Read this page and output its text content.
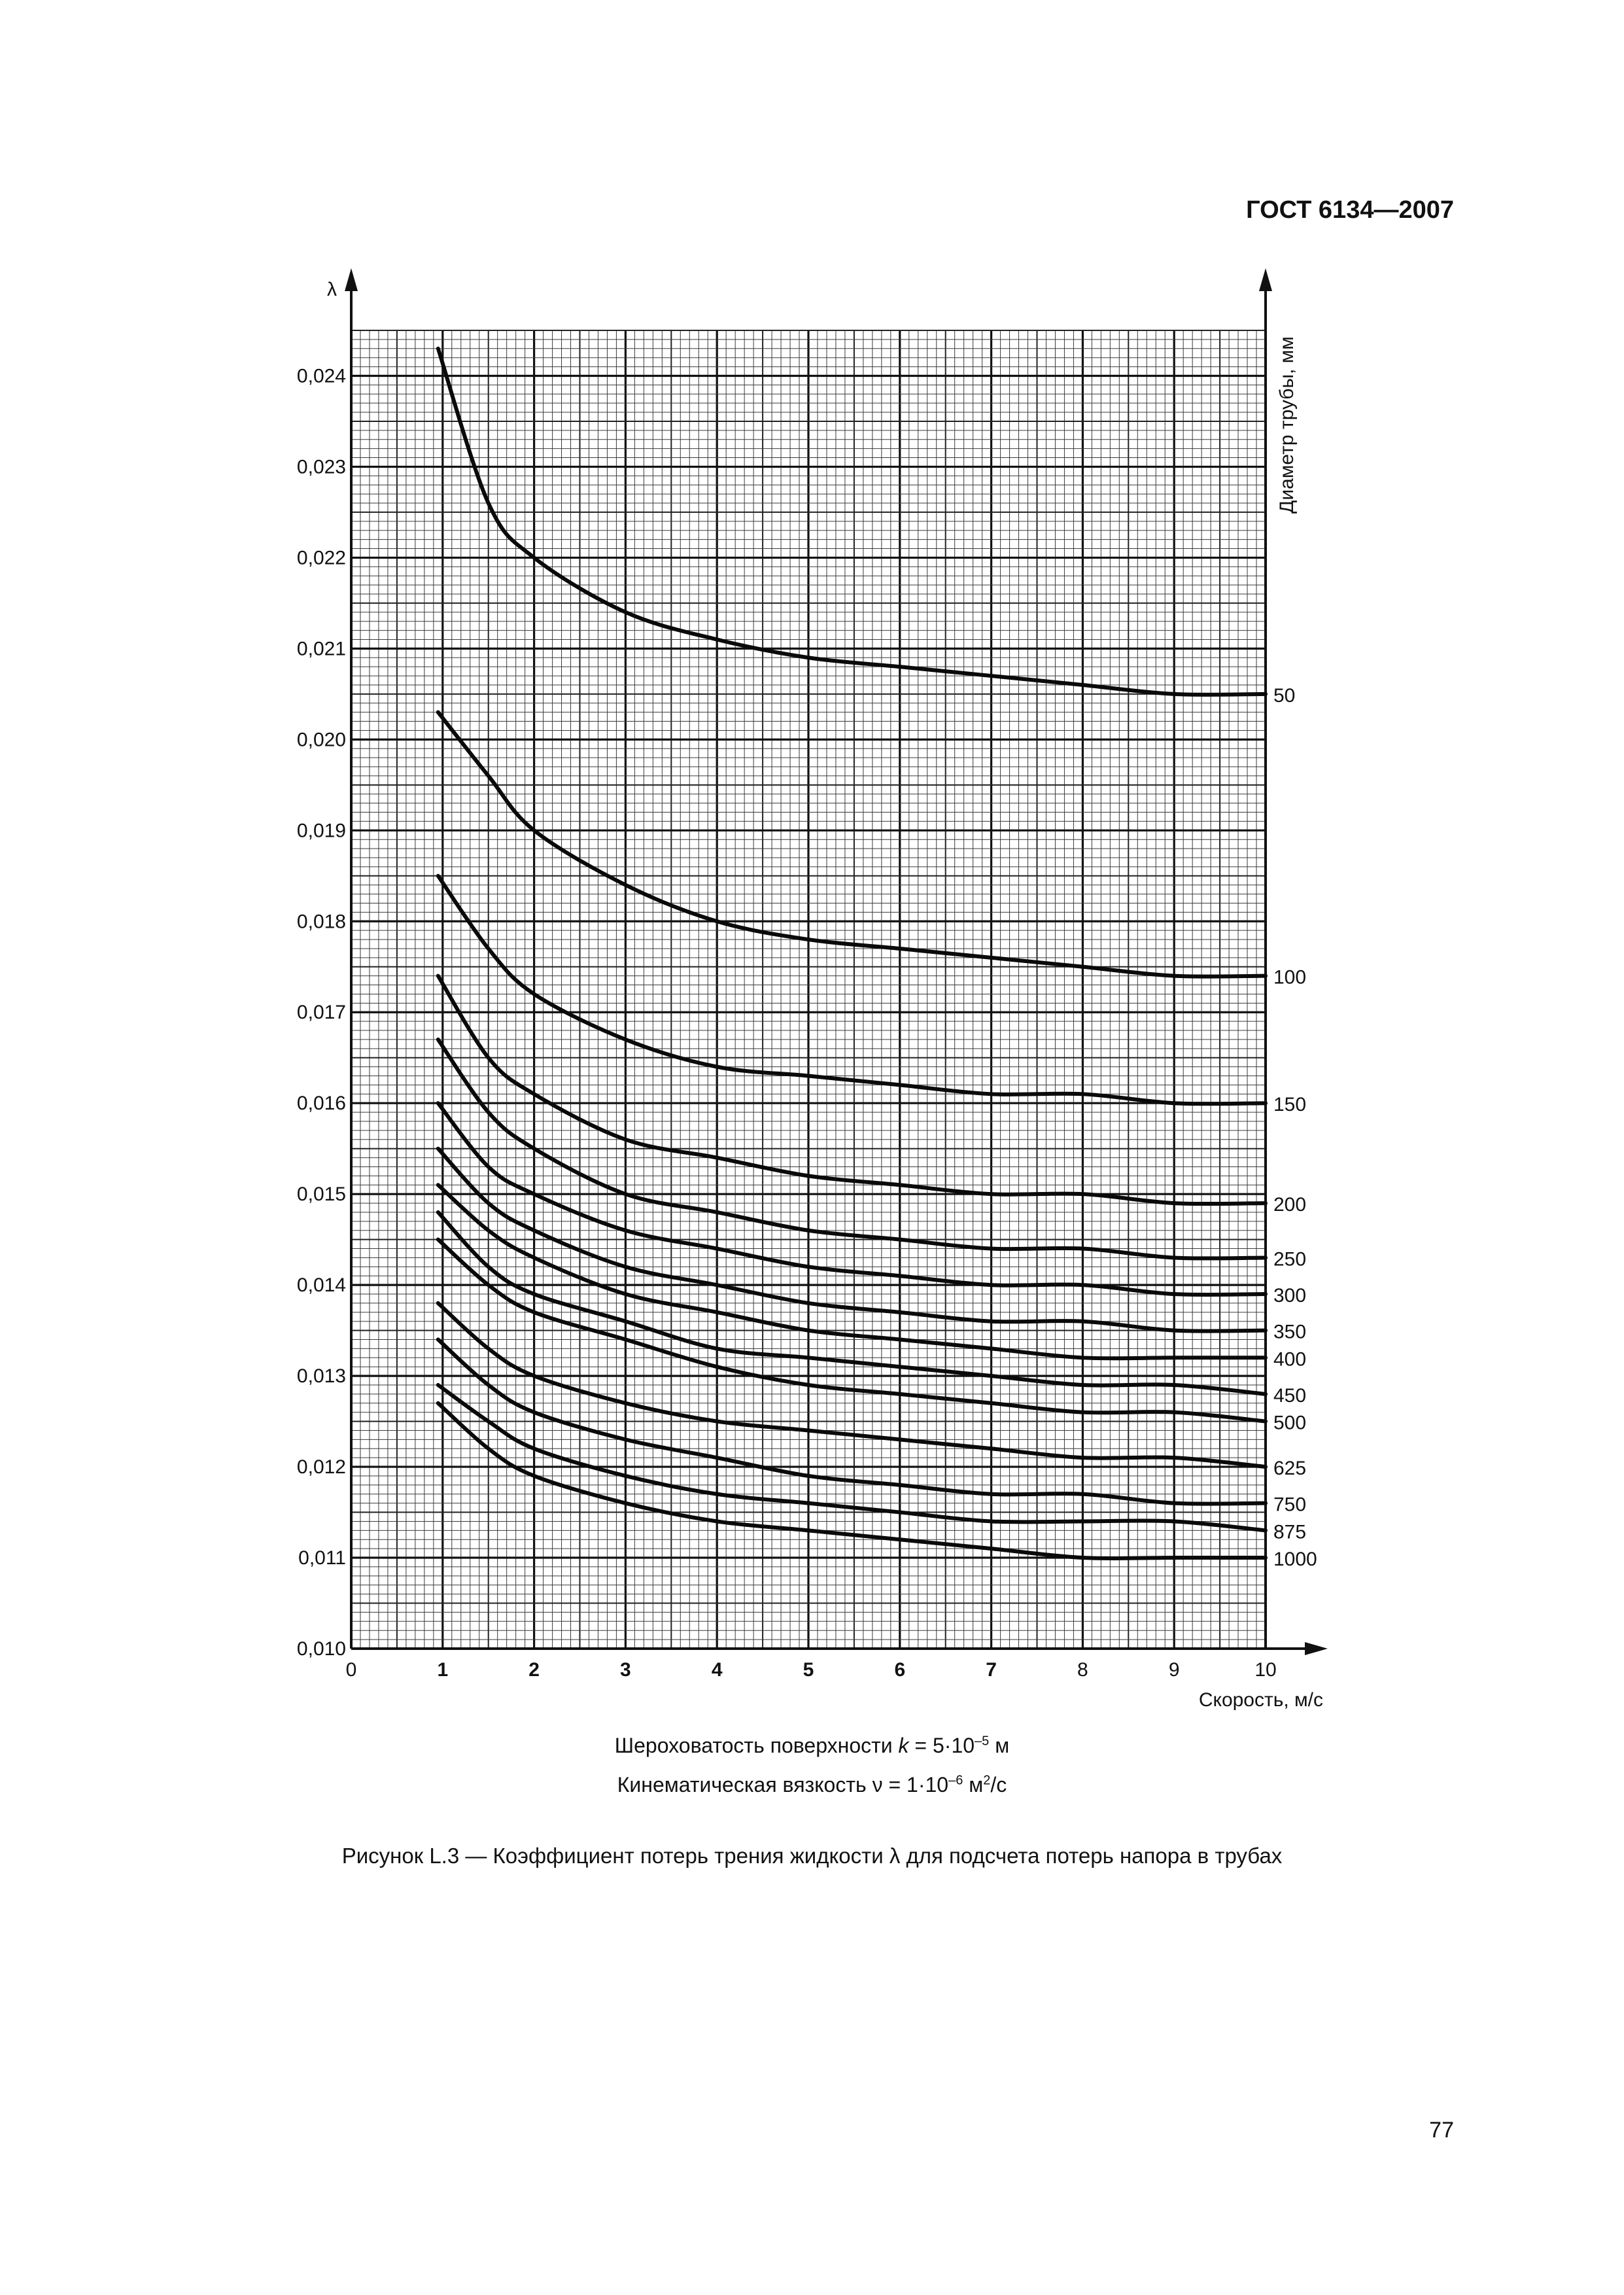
ГОСТ 6134—2007
λ
0,010
0,011
0,012
0,013
0,014
0,015
0,016
0,017
0,018
0,019
0,020
0,021
0,022
0,023
0,024
0	1	2	3	4	5	6	7	8	9	10
Скорость, м/с
Диаметр трубы, мм
50
100
150
200
250
300
350
400
450
500
625
750
875
1000
Шероховатость поверхности $k = 5\cdot 10^{-5}$ м
Кинематическая вязкость $\nu = 1\cdot 10^{-6}$ $м^2/с$
Рисунок L.3 — Коэффициент потерь трения жидкости λ для подсчета потерь напора в трубах
77
